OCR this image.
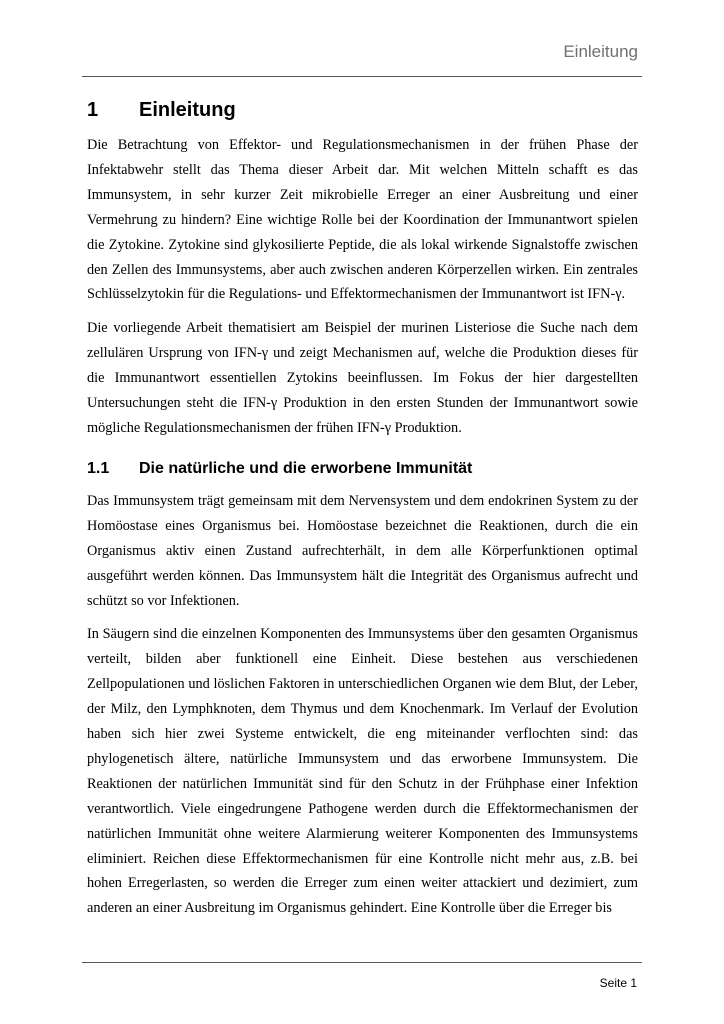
Einleitung
1	Einleitung

Die Betrachtung von Effektor- und Regulationsmechanismen in der frühen Phase der Infektabwehr stellt das Thema dieser Arbeit dar. Mit welchen Mitteln schafft es das Immunsystem, in sehr kurzer Zeit mikrobielle Erreger an einer Ausbreitung und einer Vermehrung zu hindern? Eine wichtige Rolle bei der Koordination der Immunantwort spielen die Zytokine. Zytokine sind glykosilierte Peptide, die als lokal wirkende Signalstoffe zwischen den Zellen des Immunsystems, aber auch zwischen anderen Körperzellen wirken. Ein zentrales Schlüsselzytokin für die Regulations- und Effektormechanismen der Immunantwort ist IFN-γ.

Die vorliegende Arbeit thematisiert am Beispiel der murinen Listeriose die Suche nach dem zellulären Ursprung von IFN-γ und zeigt Mechanismen auf, welche die Produktion dieses für die Immunantwort essentiellen Zytokins beeinflussen. Im Fokus der hier dargestellten Untersuchungen steht die IFN-γ Produktion in den ersten Stunden der Immunantwort sowie mögliche Regulationsmechanismen der frühen IFN-γ Produktion.

1.1	Die natürliche und die erworbene Immunität

Das Immunsystem trägt gemeinsam mit dem Nervensystem und dem endokrinen System zu der Homöostase eines Organismus bei. Homöostase bezeichnet die Reaktionen, durch die ein Organismus aktiv einen Zustand aufrechterhält, in dem alle Körperfunktionen optimal ausgeführt werden können. Das Immunsystem hält die Integrität des Organismus aufrecht und schützt so vor Infektionen.

In Säugern sind die einzelnen Komponenten des Immunsystems über den gesamten Organismus verteilt, bilden aber funktionell eine Einheit. Diese bestehen aus verschiedenen Zellpopulationen und löslichen Faktoren in unterschiedlichen Organen wie dem Blut, der Leber, der Milz, den Lymphknoten, dem Thymus und dem Knochenmark. Im Verlauf der Evolution haben sich hier zwei Systeme entwickelt, die eng miteinander verflochten sind: das phylogenetisch ältere, natürliche Immunsystem und das erworbene Immunsystem. Die Reaktionen der natürlichen Immunität sind für den Schutz in der Frühphase einer Infektion verantwortlich. Viele eingedrungene Pathogene werden durch die Effektormechanismen der natürlichen Immunität ohne weitere Alarmierung weiterer Komponenten des Immunsystems eliminiert. Reichen diese Effektormechanismen für eine Kontrolle nicht mehr aus, z.B. bei hohen Erregerlasten, so werden die Erreger zum einen weiter attackiert und dezimiert, zum anderen an einer Ausbreitung im Organismus gehindert. Eine Kontrolle über die Erreger bis

Seite 1
